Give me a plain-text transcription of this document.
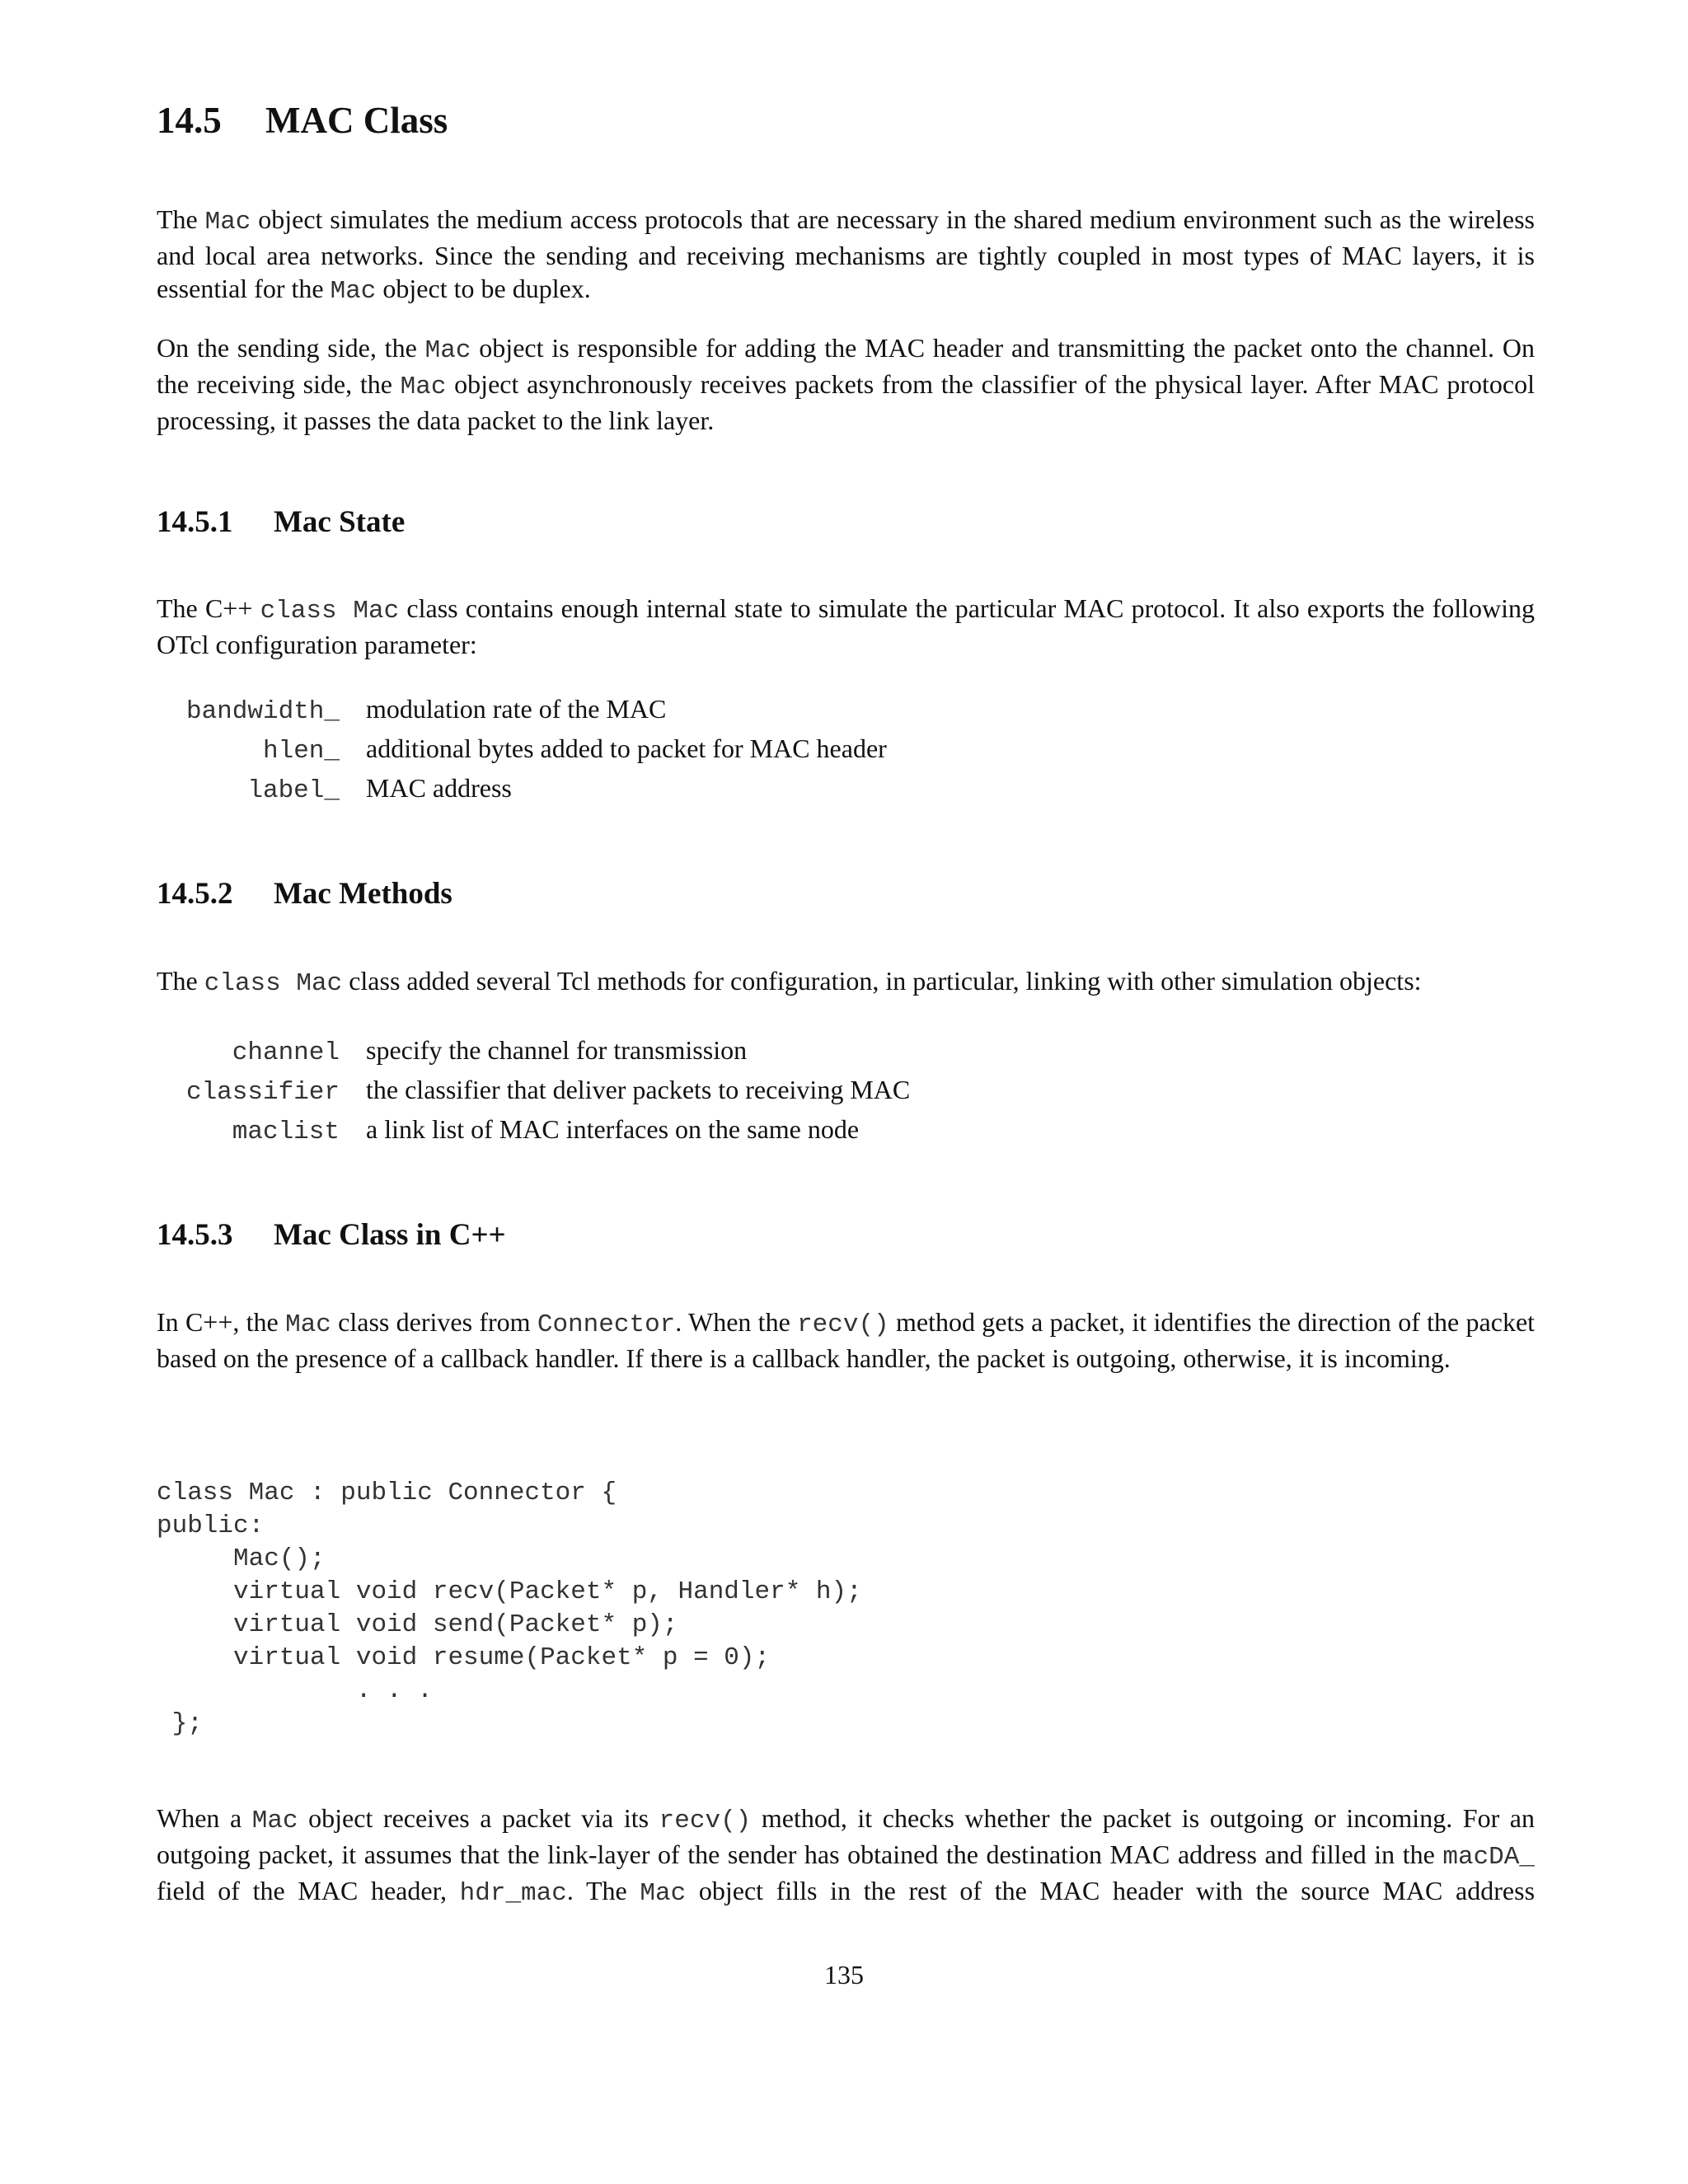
14.5 MAC Class

The Mac object simulates the medium access protocols that are necessary in the shared medium environment such as the wireless and local area networks. Since the sending and receiving mechanisms are tightly coupled in most types of MAC layers, it is essential for the Mac object to be duplex.

On the sending side, the Mac object is responsible for adding the MAC header and transmitting the packet onto the channel. On the receiving side, the Mac object asynchronously receives packets from the classifier of the physical layer. After MAC protocol processing, it passes the data packet to the link layer.

14.5.1 Mac State

The C++ class Mac class contains enough internal state to simulate the particular MAC protocol. It also exports the following OTcl configuration parameter:

bandwidth_ modulation rate of the MAC
hlen_ additional bytes added to packet for MAC header
label_ MAC address
14.5.2 Mac Methods

The class Mac class added several Tcl methods for configuration, in particular, linking with other simulation objects:

channel specify the channel for transmission
classifier the classifier that deliver packets to receiving MAC
maclist a link list of MAC interfaces on the same node
14.5.3 Mac Class in C++

In C++, the Mac class derives from Connector. When the recv() method gets a packet, it identifies the direction of the packet based on the presence of a callback handler. If there is a callback handler, the packet is outgoing, otherwise, it is incoming.

class Mac : public Connector {
public:
Mac();
virtual void recv(Packet* p, Handler* h);
virtual void send(Packet* p);
virtual void resume(Packet* p = 0);
. . .
};

When a Mac object receives a packet via its recv() method, it checks whether the packet is outgoing or incoming. For an outgoing packet, it assumes that the link-layer of the sender has obtained the destination MAC address and filled in the macDA_ field of the MAC header, hdr_mac. The Mac object fills in the rest of the MAC header with the source MAC address

135
